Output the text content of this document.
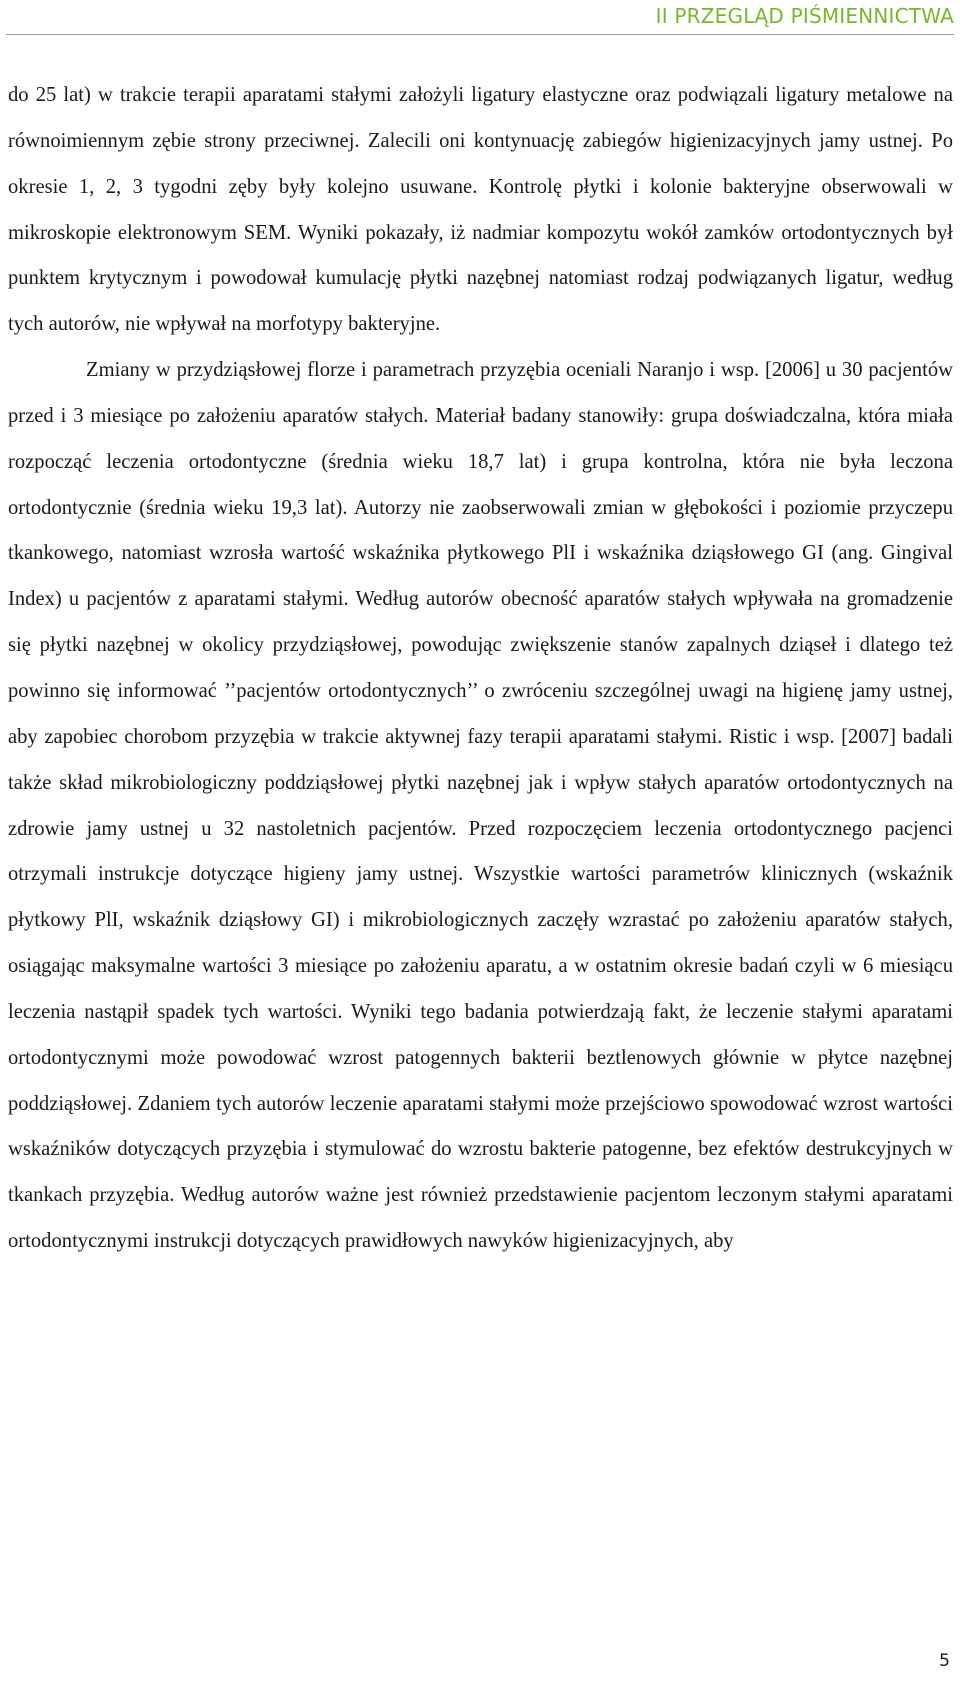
II PRZEGLĄD PIŚMIENNICTWA

do 25 lat) w trakcie terapii aparatami stałymi założyli ligatury elastyczne oraz podwiązali ligatury metalowe na równoimiennym zębie strony przeciwnej. Zalecili oni kontynuację zabiegów higienizacyjnych jamy ustnej. Po okresie 1, 2, 3 tygodni zęby były kolejno usuwane. Kontrolę płytki i kolonie bakteryjne obserwowali w mikroskopie elektronowym SEM. Wyniki pokazały, iż nadmiar kompozytu wokół zamków ortodontycznych był punktem krytycznym i powodował kumulację płytki nazębnej natomiast rodzaj podwiązanych ligatur, według tych autorów, nie wpływał na morfotypy bakteryjne.

Zmiany w przydziąsłowej florze i parametrach przyzębia oceniali Naranjo i wsp. [2006] u 30 pacjentów przed i 3 miesiące po założeniu aparatów stałych. Materiał badany stanowiły: grupa doświadczalna, która miała rozpocząć leczenia ortodontyczne (średnia wieku 18,7 lat) i grupa kontrolna, która nie była leczona ortodontycznie (średnia wieku 19,3 lat). Autorzy nie zaobserwowali zmian w głębokości i poziomie przyczepu tkankowego, natomiast wzrosła wartość wskaźnika płytkowego PlI i wskaźnika dziąsłowego GI (ang. Gingival Index) u pacjentów z aparatami stałymi. Według autorów obecność aparatów stałych wpływała na gromadzenie się płytki nazębnej w okolicy przydziąsłowej, powodując zwiększenie stanów zapalnych dziąseł i dlatego też powinno się informować ’’pacjentów ortodontycznych’’ o zwróceniu szczególnej uwagi na higienę jamy ustnej, aby zapobiec chorobom przyzębia w trakcie aktywnej fazy terapii aparatami stałymi. Ristic i wsp. [2007] badali także skład mikrobiologiczny poddziąsłowej płytki nazębnej jak i wpływ stałych aparatów ortodontycznych na zdrowie jamy ustnej u 32 nastoletnich pacjentów. Przed rozpoczęciem leczenia ortodontycznego pacjenci otrzymali instrukcje dotyczące higieny jamy ustnej. Wszystkie wartości parametrów klinicznych (wskaźnik płytkowy PlI, wskaźnik dziąsłowy GI) i mikrobiologicznych zaczęły wzrastać po założeniu aparatów stałych, osiągając maksymalne wartości 3 miesiące po założeniu aparatu, a w ostatnim okresie badań czyli w 6 miesiącu leczenia nastąpił spadek tych wartości. Wyniki tego badania potwierdzają fakt, że leczenie stałymi aparatami ortodontycznymi może powodować wzrost patogennych bakterii beztlenowych głównie w płytce nazębnej poddziąsłowej. Zdaniem tych autorów leczenie aparatami stałymi może przejściowo spowodować wzrost wartości wskaźników dotyczących przyzębia i stymulować do wzrostu bakterie patogenne, bez efektów destrukcyjnych w tkankach przyzębia. Według autorów ważne jest również przedstawienie pacjentom leczonym stałymi aparatami ortodontycznymi instrukcji dotyczących prawidłowych nawyków higienizacyjnych, aby

5
